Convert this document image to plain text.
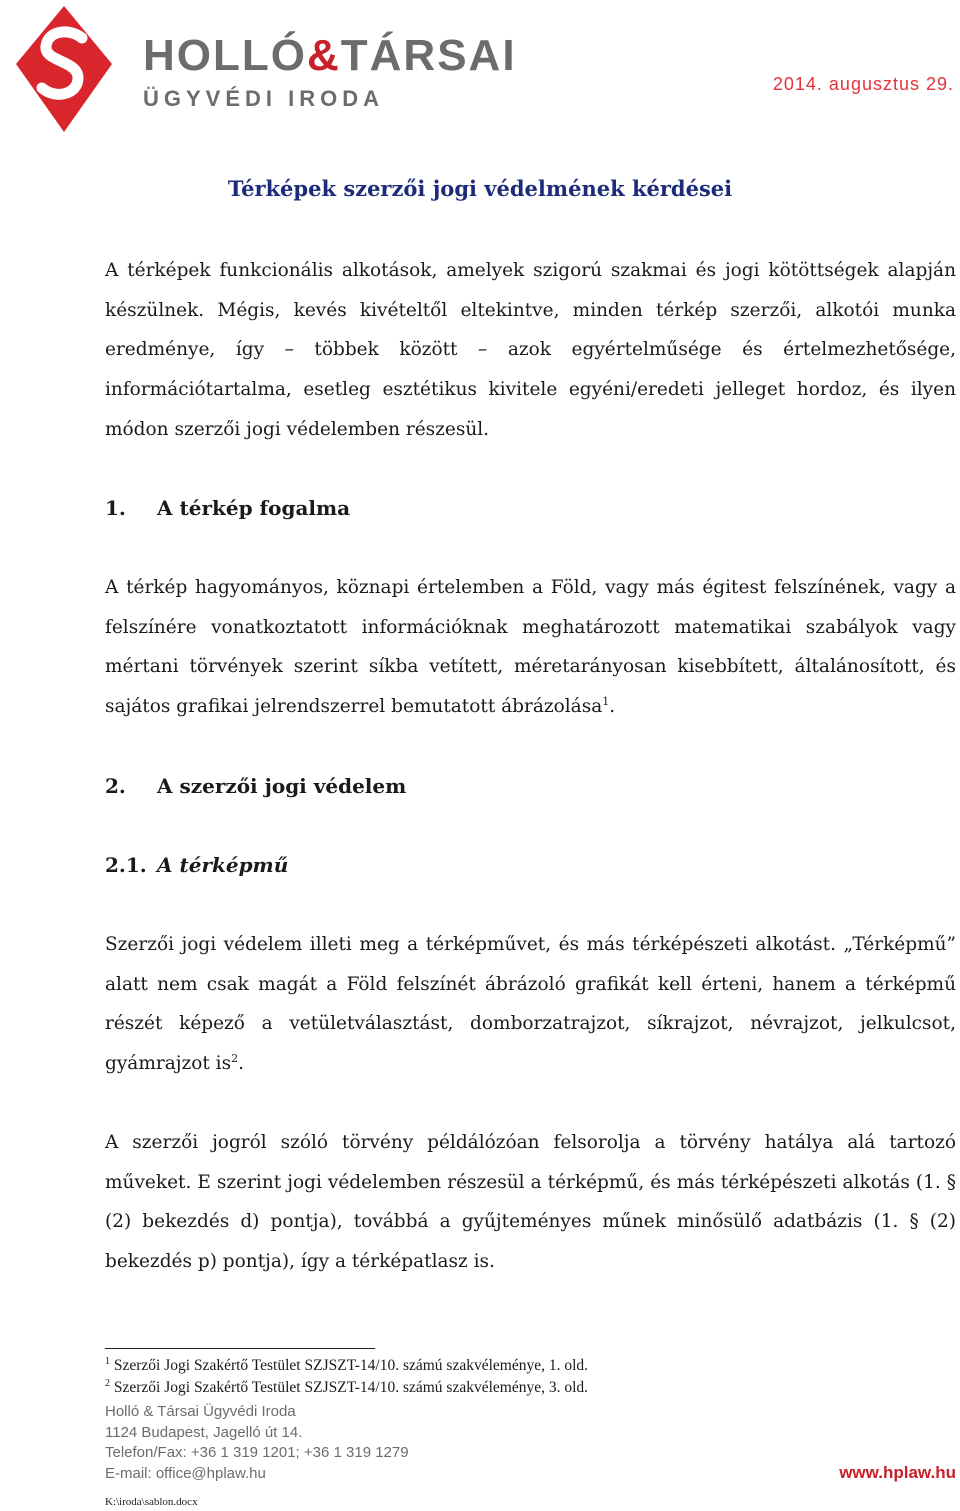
HOLLÓ&TÁRSAI
ÜGYVÉDI IRODA
2014. augusztus 29.
Térképek szerzői jogi védelmének kérdései

A térképek funkcionális alkotások, amelyek szigorú szakmai és jogi kötöttségek alapján készülnek. Mégis, kevés kivételtől eltekintve, minden térkép szerzői, alkotói munka eredménye, így – többek között – azok egyértelműsége és értelmezhetősége, információtartalma, esetleg esztétikus kivitele egyéni/eredeti jelleget hordoz, és ilyen módon szerzői jogi védelemben részesül.

1. A térkép fogalma

A térkép hagyományos, köznapi értelemben a Föld, vagy más égitest felszínének, vagy a felszínére vonatkoztatott információknak meghatározott matematikai szabályok vagy mértani törvények szerint síkba vetített, méretarányosan kisebbített, általánosított, és sajátos grafikai jelrendszerrel bemutatott ábrázolása$^1$.

2. A szerzői jogi védelem
2.1. A térképmű

Szerzői jogi védelem illeti meg a térképművet, és más térképészeti alkotást. „Térképmű” alatt nem csak magát a Föld felszínét ábrázoló grafikát kell érteni, hanem a térképmű részét képező a vetületválasztást, domborzatrajzot, síkrajzot, névrajzot, jelkulcsot, gyámrajzot $is^2$.

A szerzői jogról szóló törvény példálózóan felsorolja a törvény hatálya alá tartozó műveket. E szerint jogi védelemben részesül a térképmű, és más térképészeti alkotás (1. § (2) bekezdés d) pontja), továbbá a gyűjteményes műnek minősülő adatbázis (1. § (2) bekezdés p) pontja), így a térképatlasz is.

$^1$ Szerzői Jogi Szakértő Testület SZJSZT-14/10. számú szakvéleménye, 1. old.
$^2$ Szerzői Jogi Szakértő Testület SZJSZT-14/10. számú szakvéleménye, 3. old.
Holló & Társai Ügyvédi Iroda
1124 Budapest, Jagelló út 14.
Telefon/Fax: +36 1 319 1201; +36 1 319 1279
E-mail: office@hplaw.hu	www.hplaw.hu
K:\iroda\sablon.docx
